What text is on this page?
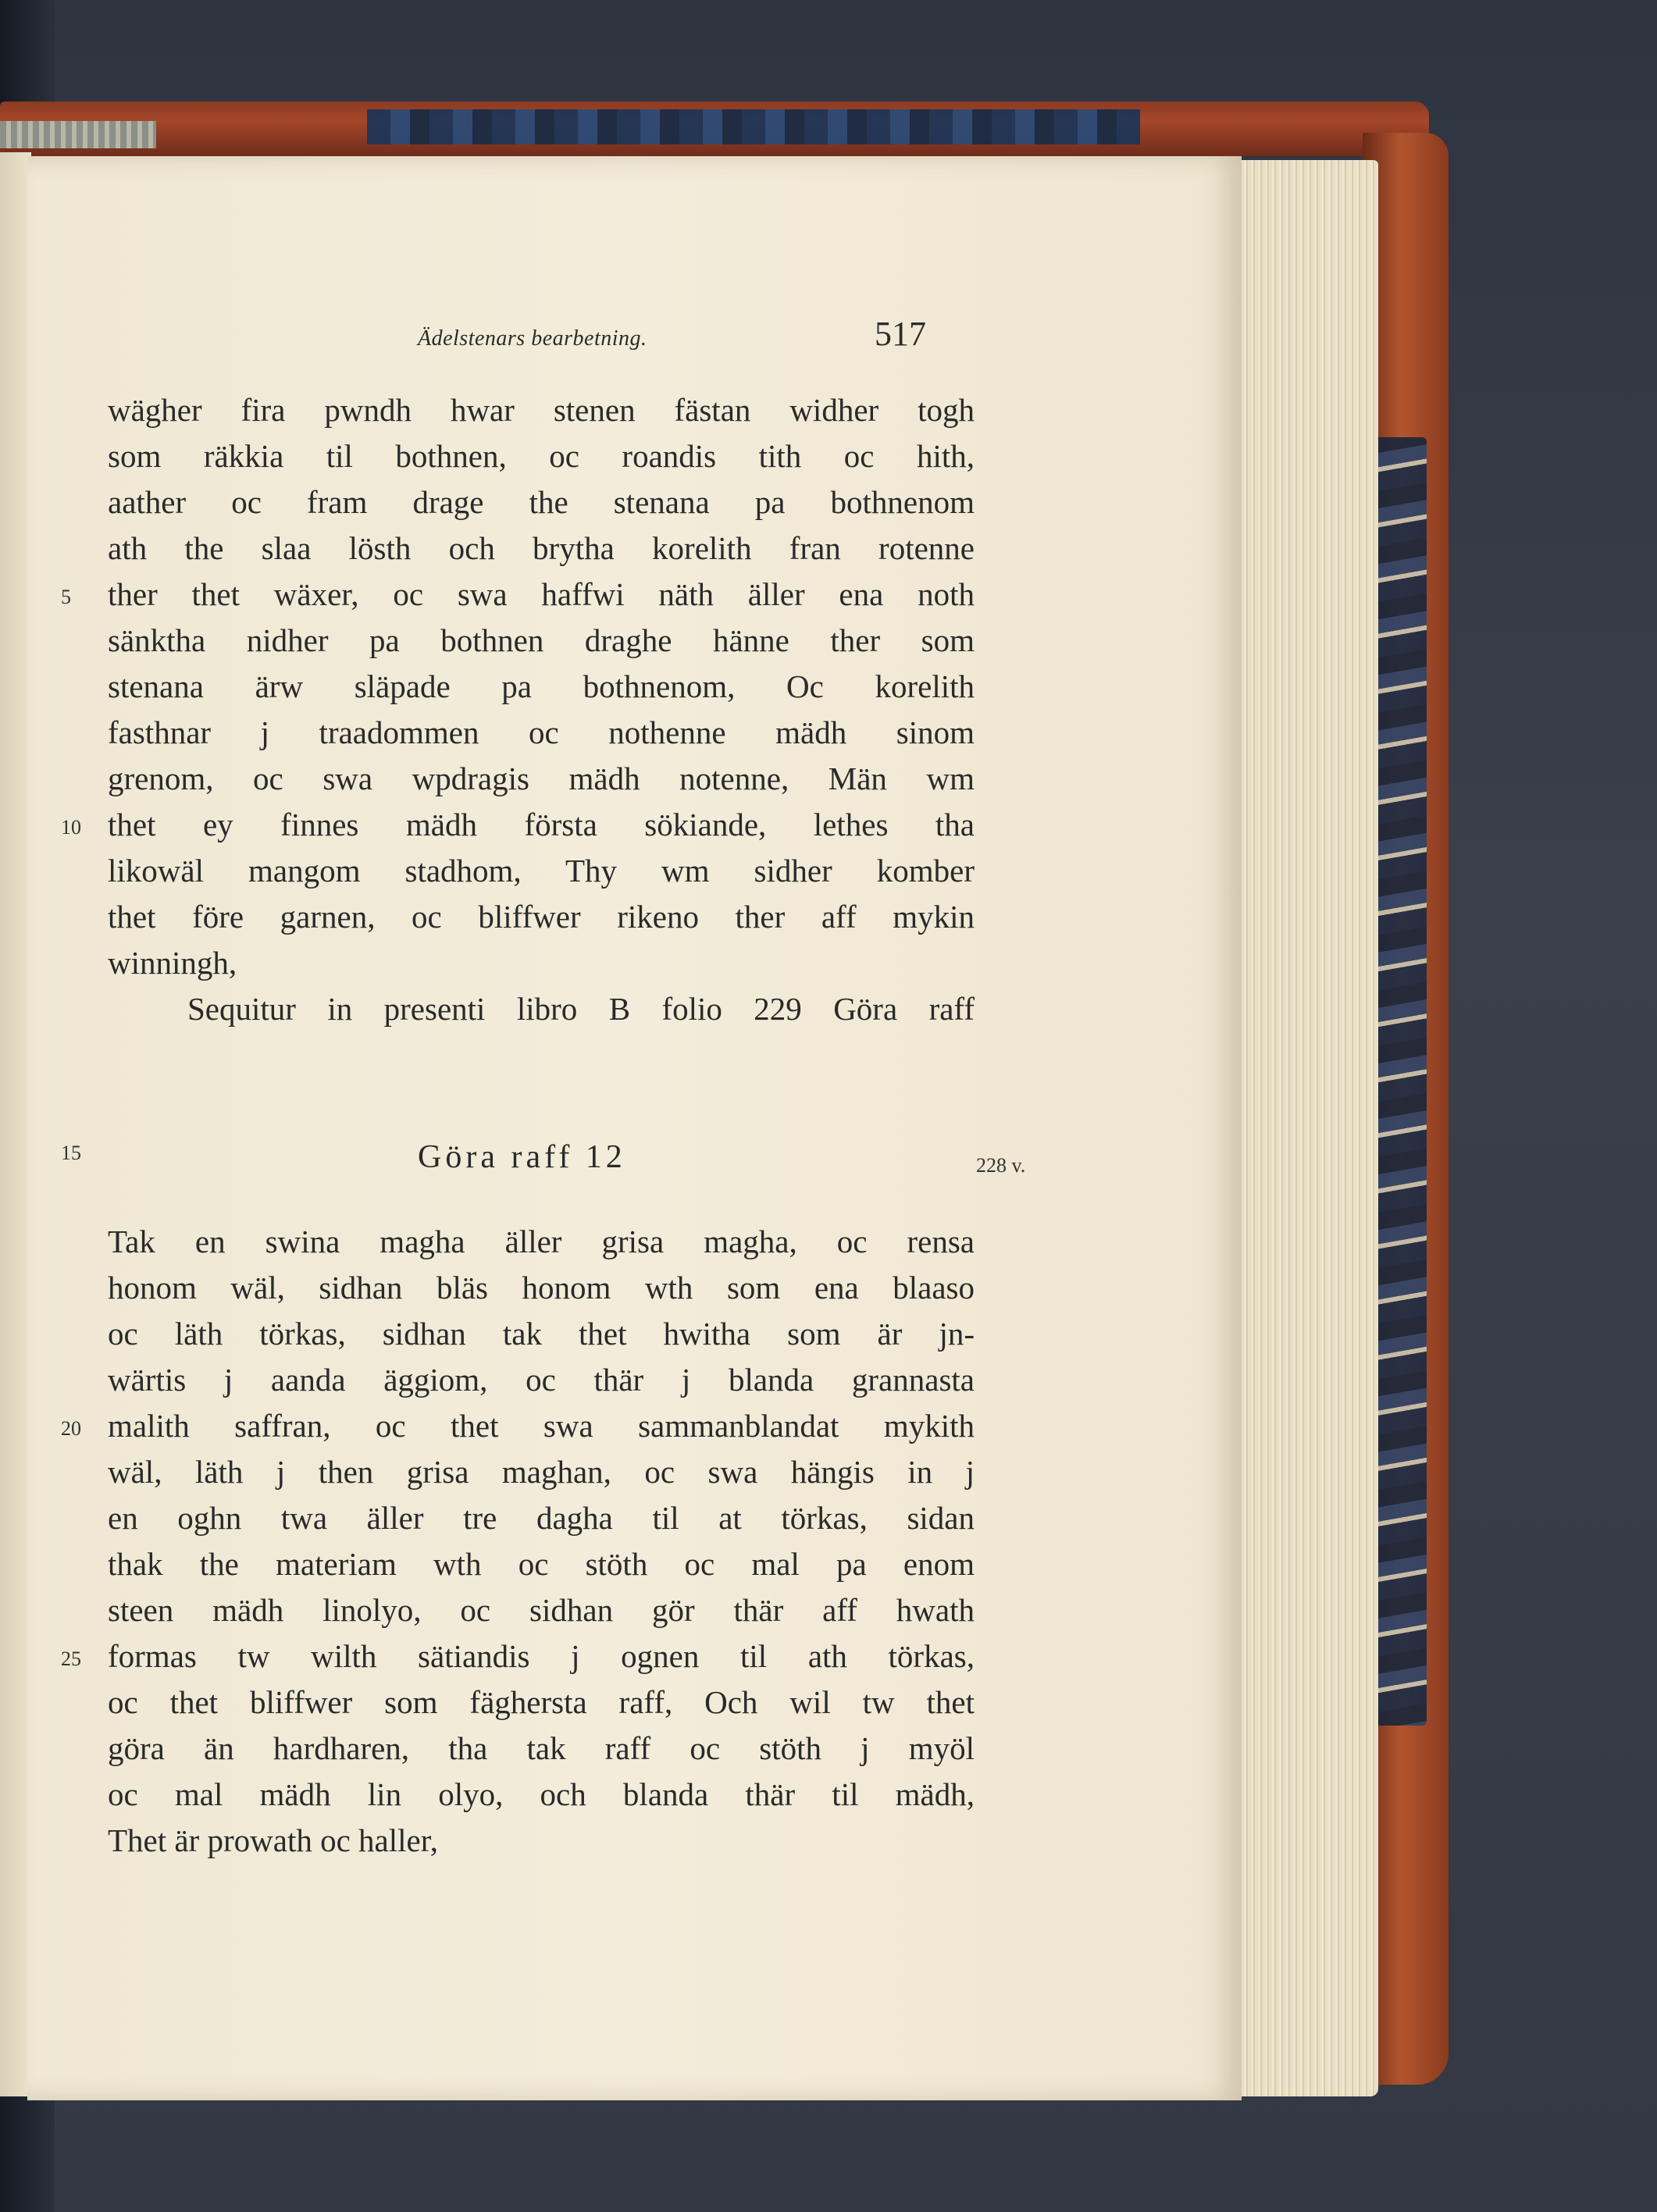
Ädelstenars bearbetning.	517
wägher fira pwndh hwar stenen fästan widher togh
som räkkia til bothnen, oc roandis tith oc hith,
aather oc fram drage the stenana pa bothnenom
ath the slaa lösth och brytha korelith fran rotenne
ther thet wäxer, oc swa haffwi näth äller ena noth
sänktha nidher pa bothnen draghe hänne ther som
stenana ärw släpade pa bothnenom, Oc korelith
fasthnar j traadommen oc nothenne mädh sinom
grenom, oc swa wpdragis mädh notenne, Män wm
thet ey finnes mädh första sökiande, lethes tha
likowäl mangom stadhom, Thy wm sidher komber
thet före garnen, oc bliffwer rikeno ther aff mykin
winningh,
Sequitur in presenti libro B folio 229 Göra raff
Göra raff 12	228 v.
Tak en swina magha äller grisa magha, oc rensa
honom wäl, sidhan bläs honom wth som ena blaaso
oc läth törkas, sidhan tak thet hwitha som är jn-
wärtis j aanda äggiom, oc thär j blanda grannasta
malith saffran, oc thet swa sammanblandat mykith
wäl, läth j then grisa maghan, oc swa hängis in j
en oghn twa äller tre dagha til at törkas, sidan
thak the materiam wth oc stöth oc mal pa enom
steen mädh linolyo, oc sidhan gör thär aff hwath
formas tw wilth sätiandis j ognen til ath törkas,
oc thet bliffwer som fäghersta raff, Och wil tw thet
göra än hardharen, tha tak raff oc stöth j myöl
oc mal mädh lin olyo, och blanda thär til mädh,
Thet är prowath oc haller,
5
10
15
20
25
